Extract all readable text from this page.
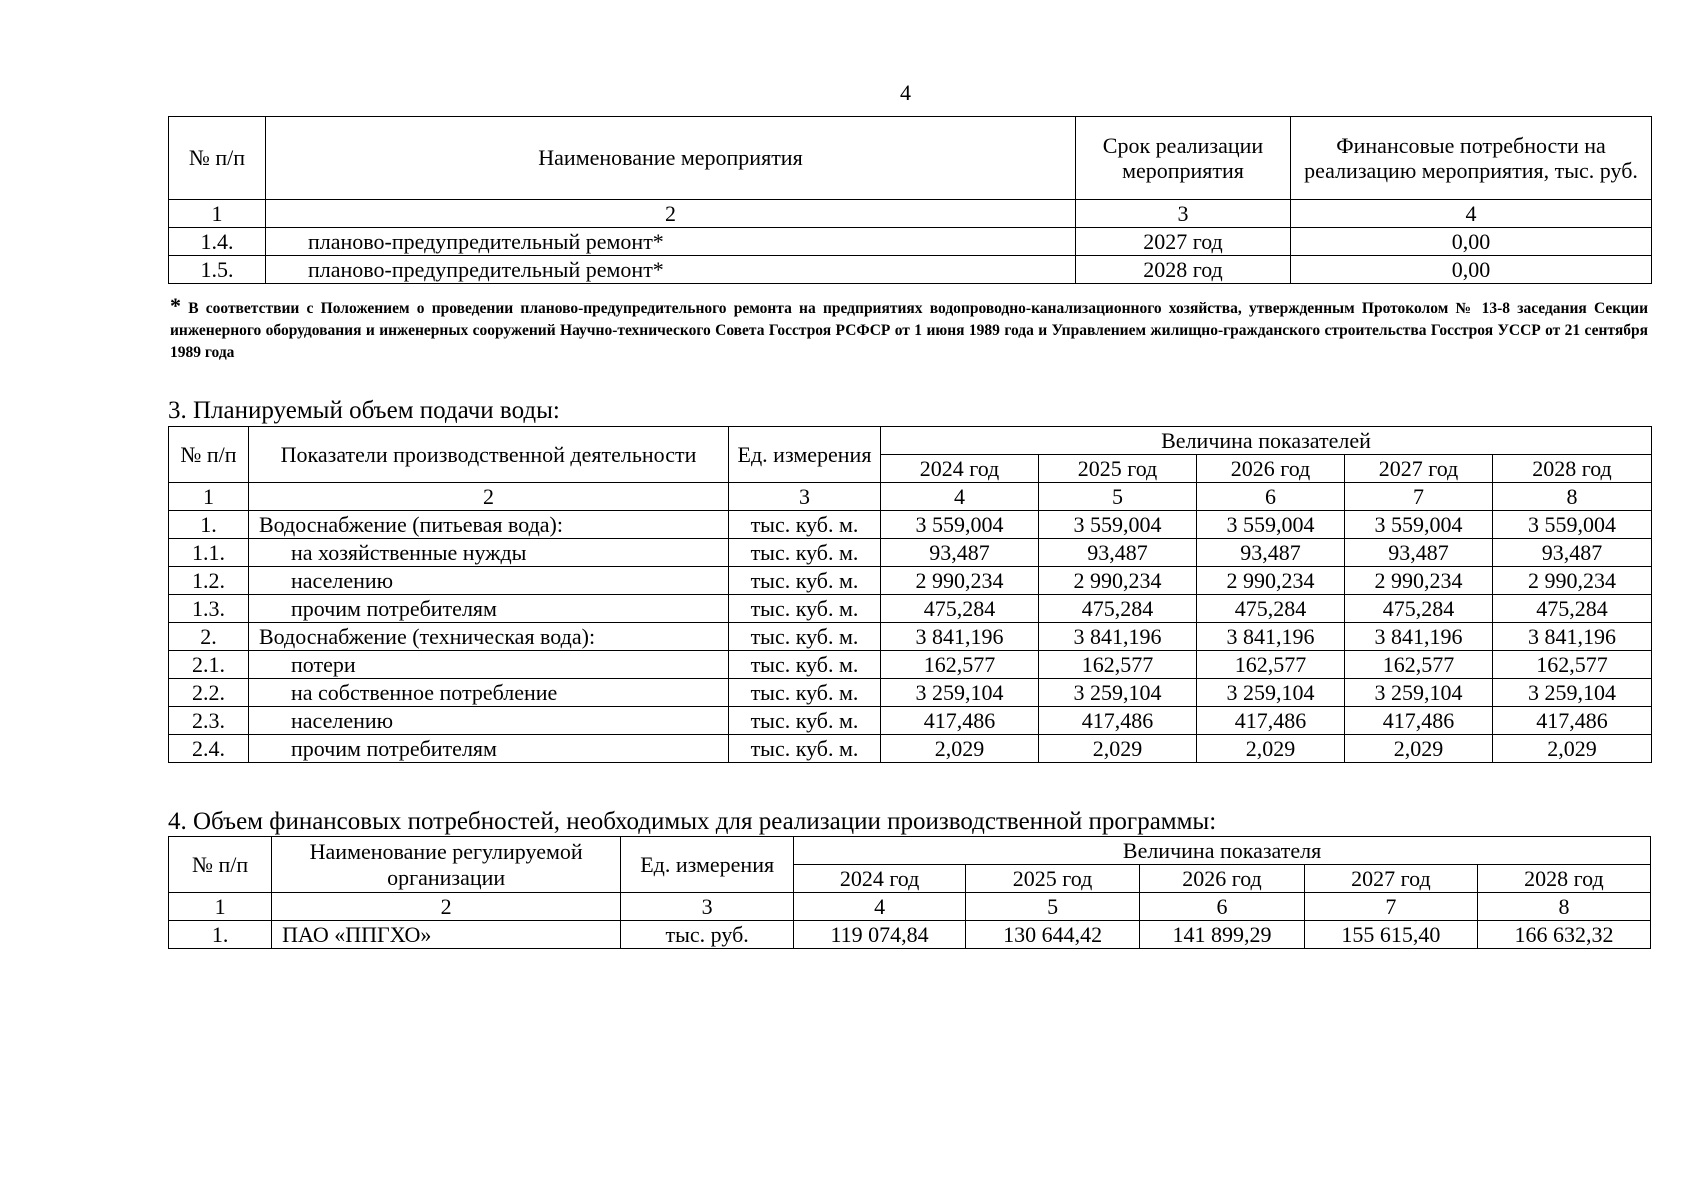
4
№ п/п	Наименование мероприятия	Срок реализации мероприятия	Финансовые потребности на реализацию мероприятия, тыс. руб.
1	2	3	4
1.4.	планово-предупредительный ремонт*	2027 год	0,00
1.5.	планово-предупредительный ремонт*	2028 год	0,00
* В соответствии с Положением о проведении планово-предупредительного ремонта на предприятиях водопроводно-канализационного хозяйства, утвержденным Протоколом № 13-8 заседания Секции инженерного оборудования и инженерных сооружений Научно-технического Совета Госстроя РСФСР от 1 июня 1989 года и Управлением жилищно-гражданского строительства Госстроя УССР от 21 сентября 1989 года
3. Планируемый объем подачи воды:
№ п/п	Показатели производственной деятельности	Ед. измерения	Величина показателей				
			2024 год	2025 год	2026 год	2027 год	2028 год
1	2	3	4	5	6	7	8
1.	Водоснабжение (питьевая вода):	тыс. куб. м.	3 559,004	3 559,004	3 559,004	3 559,004	3 559,004
1.1.	на хозяйственные нужды	тыс. куб. м.	93,487	93,487	93,487	93,487	93,487
1.2.	населению	тыс. куб. м.	2 990,234	2 990,234	2 990,234	2 990,234	2 990,234
1.3.	прочим потребителям	тыс. куб. м.	475,284	475,284	475,284	475,284	475,284
2.	Водоснабжение (техническая вода):	тыс. куб. м.	3 841,196	3 841,196	3 841,196	3 841,196	3 841,196
2.1.	потери	тыс. куб. м.	162,577	162,577	162,577	162,577	162,577
2.2.	на собственное потребление	тыс. куб. м.	3 259,104	3 259,104	3 259,104	3 259,104	3 259,104
2.3.	населению	тыс. куб. м.	417,486	417,486	417,486	417,486	417,486
2.4.	прочим потребителям	тыс. куб. м.	2,029	2,029	2,029	2,029	2,029
4. Объем финансовых потребностей, необходимых для реализации производственной программы:
№ п/п	Наименование регулируемой организации	Ед. измерения	Величина показателя				
			2024 год	2025 год	2026 год	2027 год	2028 год
1	2	3	4	5	6	7	8
1.	ПАО «ППГХО»	тыс. руб.	119 074,84	130 644,42	141 899,29	155 615,40	166 632,32
